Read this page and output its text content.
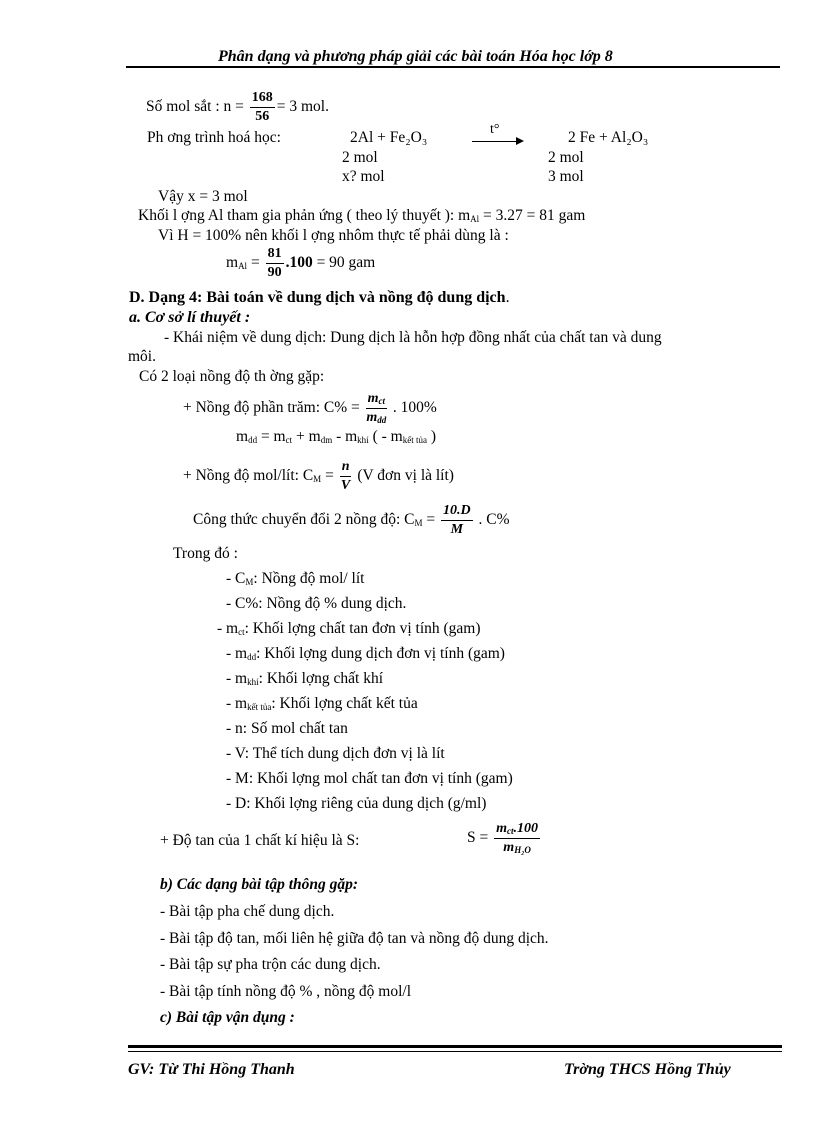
Phân dạng và phương pháp giải các bài toán Hóa học lớp 8
Số mol sắt : $n = \frac{168}{56} = 3$ mol.
Ph ơng trình hoá học:	2Al + Fe₂O₃	t°	2 Fe + Al₂O₃
2 mol	2 mol
x? mol	3 mol
Vậy x = 3 mol
Khối l ợng Al tham gia phản ứng ( theo lý thuyết ): $m_{Al} = 3.27 = 81$ gam
Vì H = 100% nên khối l ợng nhôm thực tế phải dùng là :
$m_{Al} = \frac{81}{90} .100 = 90$ gam
D. Dạng 4: Bài toán về dung dịch và nồng độ dung dịch.
a. Cơ sở lí thuyết :
- Khái niệm về dung dịch: Dung dịch là hỗn hợp đồng nhất của chất tan và dung
môi.
Có 2 loại nồng độ th ờng gặp:
+ Nồng độ phần trăm: $C\% = \frac{m_{ct}}{m_{dd}}$ . 100%
$m_{dd} = m_{ct} + m_{dm} - m_{khí}$ ( - $m_{kết tủa}$ )
+ Nồng độ mol/lít: $C_M = \frac{n}{V} (V$ đơn vị là lít)
Công thức chuyển đổi 2 nồng độ: $C_M = \frac{10.D}{M}$ . C%
Trong đó :
- $C_M$: Nồng độ mol/ lít
- C%: Nồng độ % dung dịch.
- $m_{ct}$: Khối lợng chất tan đơn vị tính (gam)
- $m_{dd}$: Khối lợng dung dịch đơn vị tính (gam)
- $m_{khí}$: Khối lợng chất khí
- $m_{kết tủa}$: Khối lợng chất kết tủa
- n: Số mol chất tan
- V: Thể tích dung dịch đơn vị là lít
- M: Khối lợng mol chất tan đơn vị tính (gam)
- D: Khối lợng riêng của dung dịch (g/ml)
+ Độ tan của 1 chất kí hiệu là S:	$S = \frac{m_{ct}.100}{m_{H_2O}}$
b) Các dạng bài tập thông gặp:
- Bài tập pha chế dung dịch.
- Bài tập độ tan, mối liên hệ giữa độ tan và nồng độ dung dịch.
- Bài tập sự pha trộn các dung dịch.
- Bài tập tính nồng độ % , nồng độ mol/l
c) Bài tập vận dụng :
GV: Từ Thi Hồng Thanh	Trờng THCS Hồng Thủy
